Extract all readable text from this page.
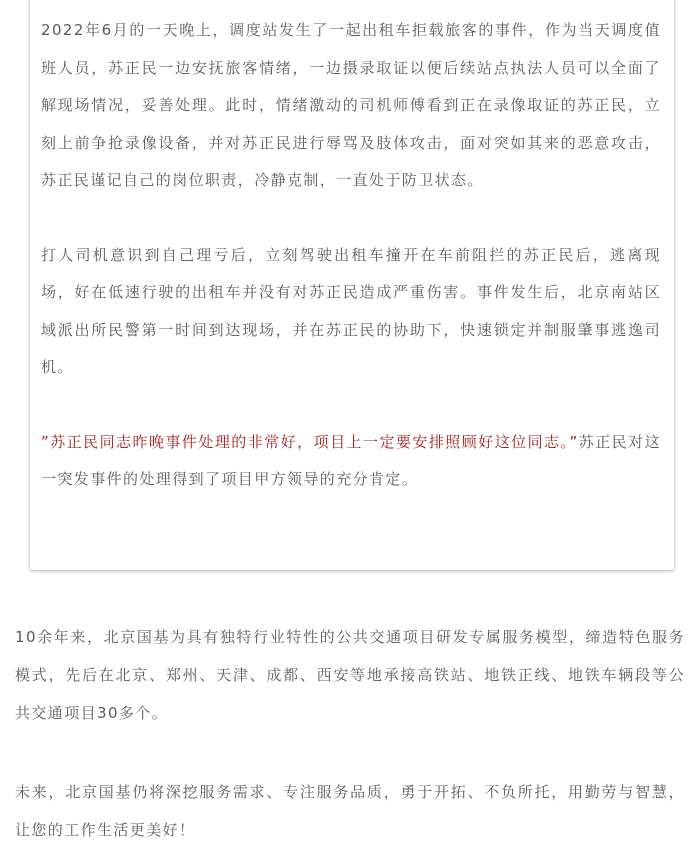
2022年6月的一天晚上，调度站发生了一起出租车拒载旅客的事件，作为当天调度值班人员，苏正民一边安抚旅客情绪，一边摄录取证以便后续站点执法人员可以全面了解现场情况，妥善处理。此时，情绪激动的司机师傅看到正在录像取证的苏正民，立刻上前争抢录像设备，并对苏正民进行辱骂及肢体攻击，面对突如其来的恶意攻击，苏正民谨记自己的岗位职责，冷静克制，一直处于防卫状态。

打人司机意识到自己理亏后，立刻驾驶出租车撞开在车前阻拦的苏正民后，逃离现场，好在低速行驶的出租车并没有对苏正民造成严重伤害。事件发生后，北京南站区域派出所民警第一时间到达现场，并在苏正民的协助下，快速锁定并制服肇事逃逸司机。

”苏正民同志昨晚事件处理的非常好，项目上一定要安排照顾好这位同志。”苏正民对这一突发事件的处理得到了项目甲方领导的充分肯定。

10余年来，北京国基为具有独特行业特性的公共交通项目研发专属服务模型，缔造特色服务模式，先后在北京、郑州、天津、成都、西安等地承接高铁站、地铁正线、地铁车辆段等公共交通项目30多个。

未来，北京国基仍将深挖服务需求、专注服务品质，勇于开拓、不负所托，用勤劳与智慧，让您的工作生活更美好！
